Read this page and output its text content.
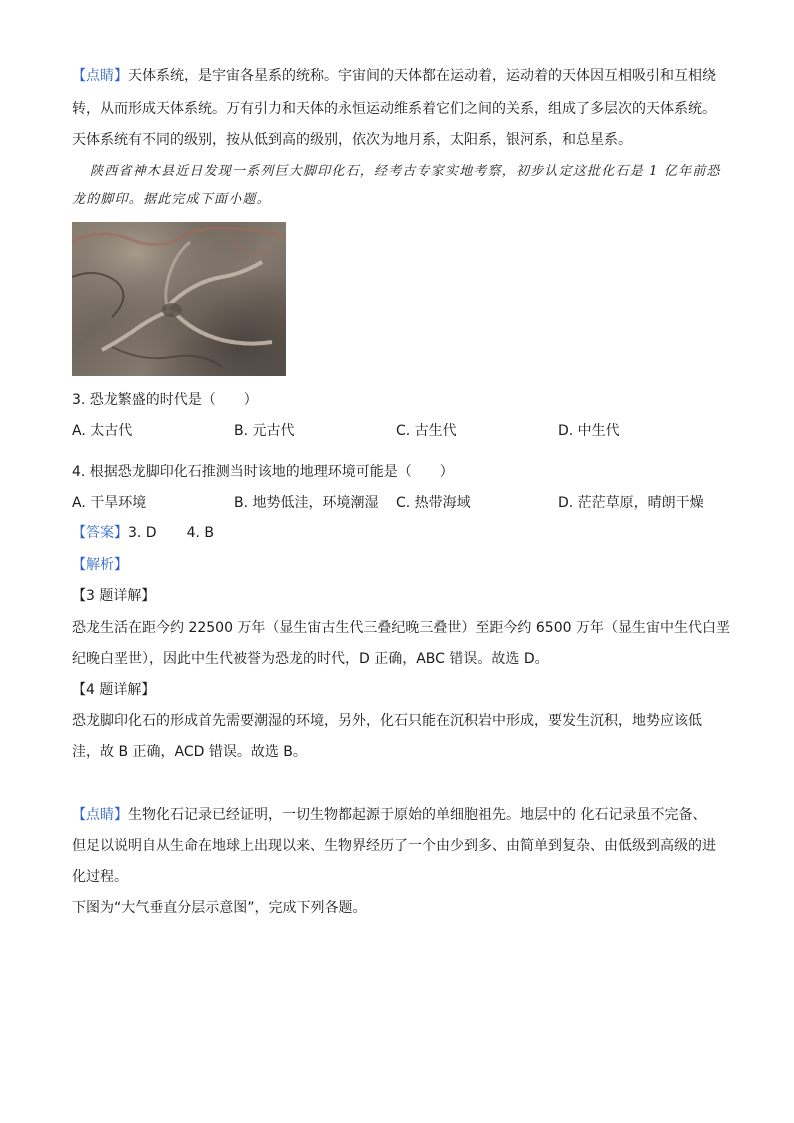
【点睛】天体系统，是宇宙各星系的统称。宇宙间的天体都在运动着，运动着的天体因互相吸引和互相绕
转，从而形成天体系统。万有引力和天体的永恒运动维系着它们之间的关系，组成了多层次的天体系统。
天体系统有不同的级别，按从低到高的级别，依次为地月系，太阳系，银河系，和总星系。
陕西省神木县近日发现一系列巨大脚印化石，经考古专家实地考察，初步认定这批化石是 1 亿年前恐
龙的脚印。据此完成下面小题。
3. 恐龙繁盛的时代是（　　）
A. 太古代	B. 元古代	C. 古生代	D. 中生代
4. 根据恐龙脚印化石推测当时该地的地理环境可能是（　　）
A. 干旱环境	B. 地势低洼，环境潮湿 C. 热带海域	D. 茫茫草原，晴朗干燥
【答案】3. D 4. B
【解析】
【3 题详解】
恐龙生活在距今约 22500 万年（显生宙古生代三叠纪晚三叠世）至距今约 6500 万年（显生宙中生代白垩
纪晚白垩世），因此中生代被誉为恐龙的时代，D 正确，ABC 错误。故选 D。
【4 题详解】
恐龙脚印化石的形成首先需要潮湿的环境，另外，化石只能在沉积岩中形成，要发生沉积，地势应该低
洼，故 B 正确，ACD 错误。故选 B。
【点睛】生物化石记录已经证明，一切生物都起源于原始的单细胞祖先。地层中的 化石记录虽不完备、
但足以说明自从生命在地球上出现以来、生物界经历了一个由少到多、由简单到复杂、由低级到高级的进
化过程。
下图为“大气垂直分层示意图”，完成下列各题。
